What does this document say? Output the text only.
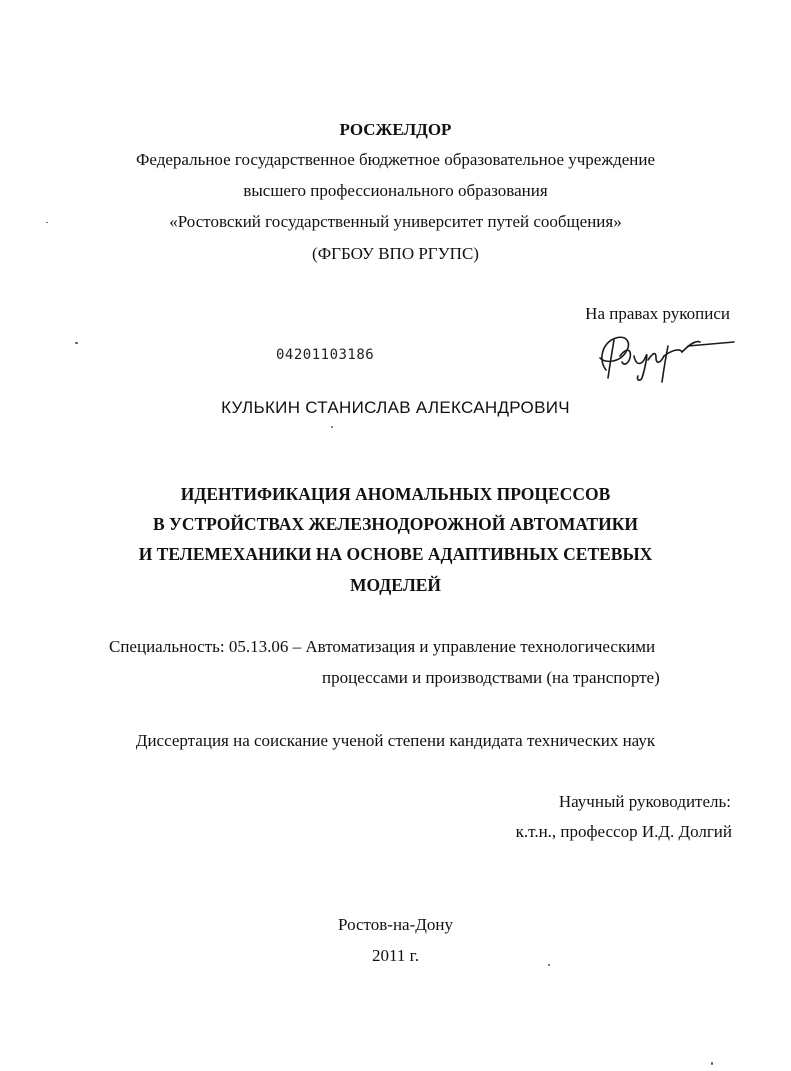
РОСЖЕЛДОР
Федеральное государственное бюджетное образовательное учреждение
высшего профессионального образования
«Ростовский государственный университет путей сообщения»
(ФГБОУ ВПО РГУПС)
На правах рукописи
04201103186
КУЛЬКИН СТАНИСЛАВ АЛЕКСАНДРОВИЧ
ИДЕНТИФИКАЦИЯ АНОМАЛЬНЫХ ПРОЦЕССОВ
В УСТРОЙСТВАХ ЖЕЛЕЗНОДОРОЖНОЙ АВТОМАТИКИ
И ТЕЛЕМЕХАНИКИ НА ОСНОВЕ АДАПТИВНЫХ СЕТЕВЫХ
МОДЕЛЕЙ
Специальность: 05.13.06 – Автоматизация и управление технологическими
процессами и производствами (на транспорте)
Диссертация на соискание ученой степени кандидата технических наук
Научный руководитель:
к.т.н., профессор И.Д. Долгий
Ростов-на-Дону
2011 г.
